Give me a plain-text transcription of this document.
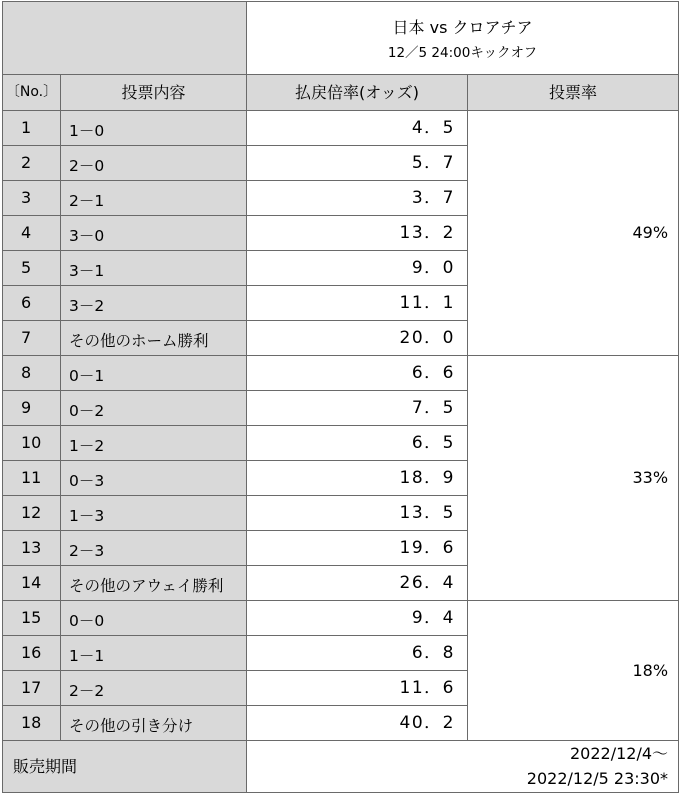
		日本 vs クロアチア
12／5 24:00キックオフ	

〔No.〕	投票内容	払戻倍率(オッズ)	投票率
1	1－0	4．5	49%
2	2－0	5．7	
3	2－1	3．7	
4	3－0	13．2	
5	3－1	9．0	
6	3－2	11．1	
7	その他のホーム勝利	20．0	
8	0－1	6．6	33%
9	0－2	7．5	
10	1－2	6．5	
11	0－3	18．9	
12	1－3	13．5	
13	2－3	19．6	
14	その他のアウェイ勝利	26．4	
15	0－0	9．4	18%
16	1－1	6．8	
17	2－2	11．6	
18	その他の引き分け	40．2	
販売期間		2022/12/4～
2022/12/5 23:30*	
